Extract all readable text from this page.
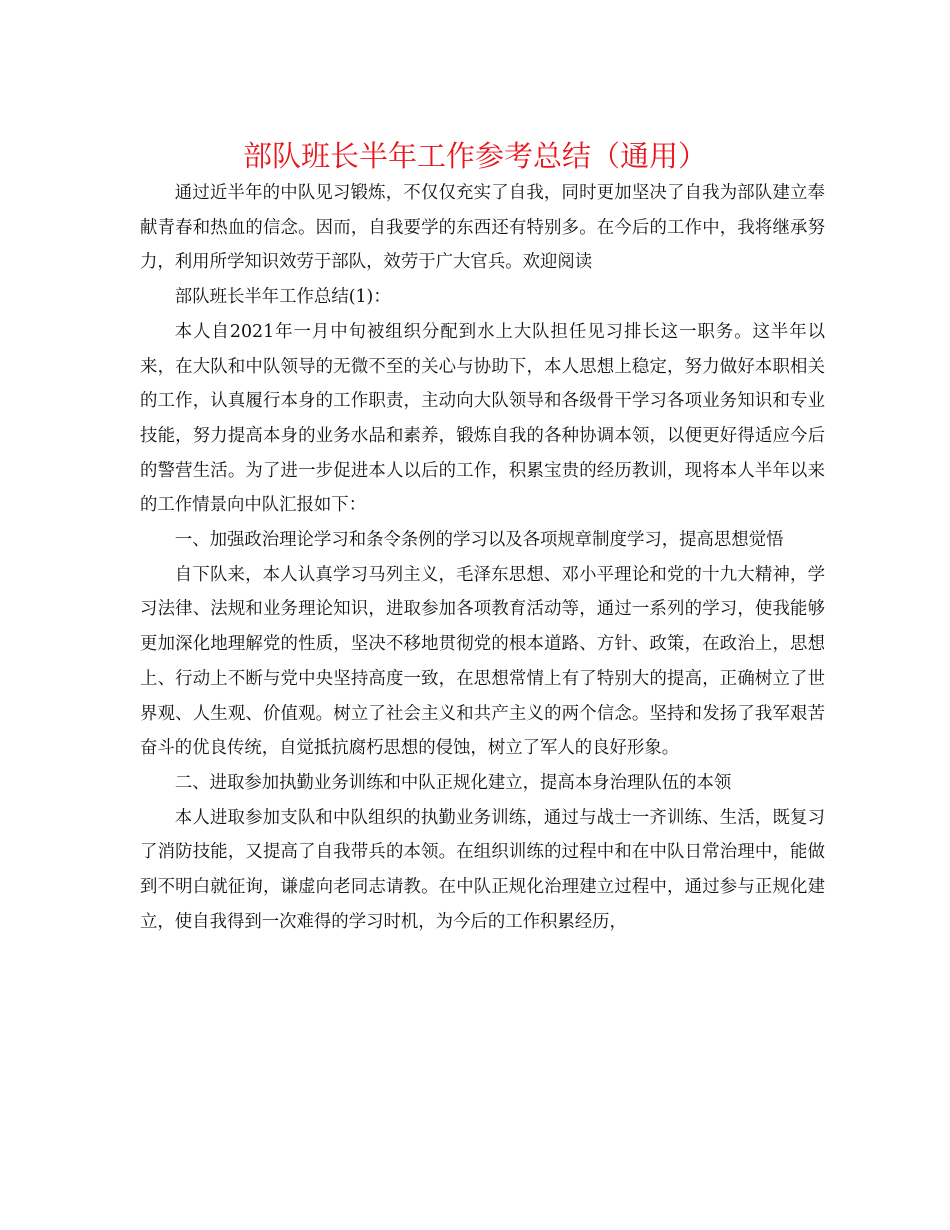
部队班长半年工作参考总结（通用）

通过近半年的中队见习锻炼，不仅仅充实了自我，同时更加坚决了自我为部队建立奉献青春和热血的信念。因而，自我要学的东西还有特别多。在今后的工作中，我将继承努力，利用所学知识效劳于部队，效劳于广大官兵。欢迎阅读

部队班长半年工作总结(1)：

本人自2021年一月中旬被组织分配到水上大队担任见习排长这一职务。这半年以来，在大队和中队领导的无微不至的关心与协助下，本人思想上稳定，努力做好本职相关的工作，认真履行本身的工作职责，主动向大队领导和各级骨干学习各项业务知识和专业技能，努力提高本身的业务水品和素养，锻炼自我的各种协调本领，以便更好得适应今后的警营生活。为了进一步促进本人以后的工作，积累宝贵的经历教训，现将本人半年以来的工作情景向中队汇报如下：

一、加强政治理论学习和条令条例的学习以及各项规章制度学习，提高思想觉悟

自下队来，本人认真学习马列主义，毛泽东思想、邓小平理论和党的十九大精神，学习法律、法规和业务理论知识，进取参加各项教育活动等，通过一系列的学习，使我能够更加深化地理解党的性质，坚决不移地贯彻党的根本道路、方针、政策，在政治上，思想上、行动上不断与党中央坚持高度一致，在思想常情上有了特别大的提高，正确树立了世界观、人生观、价值观。树立了社会主义和共产主义的两个信念。坚持和发扬了我军艰苦奋斗的优良传统，自觉抵抗腐朽思想的侵蚀，树立了军人的良好形象。

二、进取参加执勤业务训练和中队正规化建立，提高本身治理队伍的本领

本人进取参加支队和中队组织的执勤业务训练，通过与战士一齐训练、生活，既复习了消防技能，又提高了自我带兵的本领。在组织训练的过程中和在中队日常治理中，能做到不明白就征询，谦虚向老同志请教。在中队正规化治理建立过程中，通过参与正规化建立，使自我得到一次难得的学习时机，为今后的工作积累经历，
